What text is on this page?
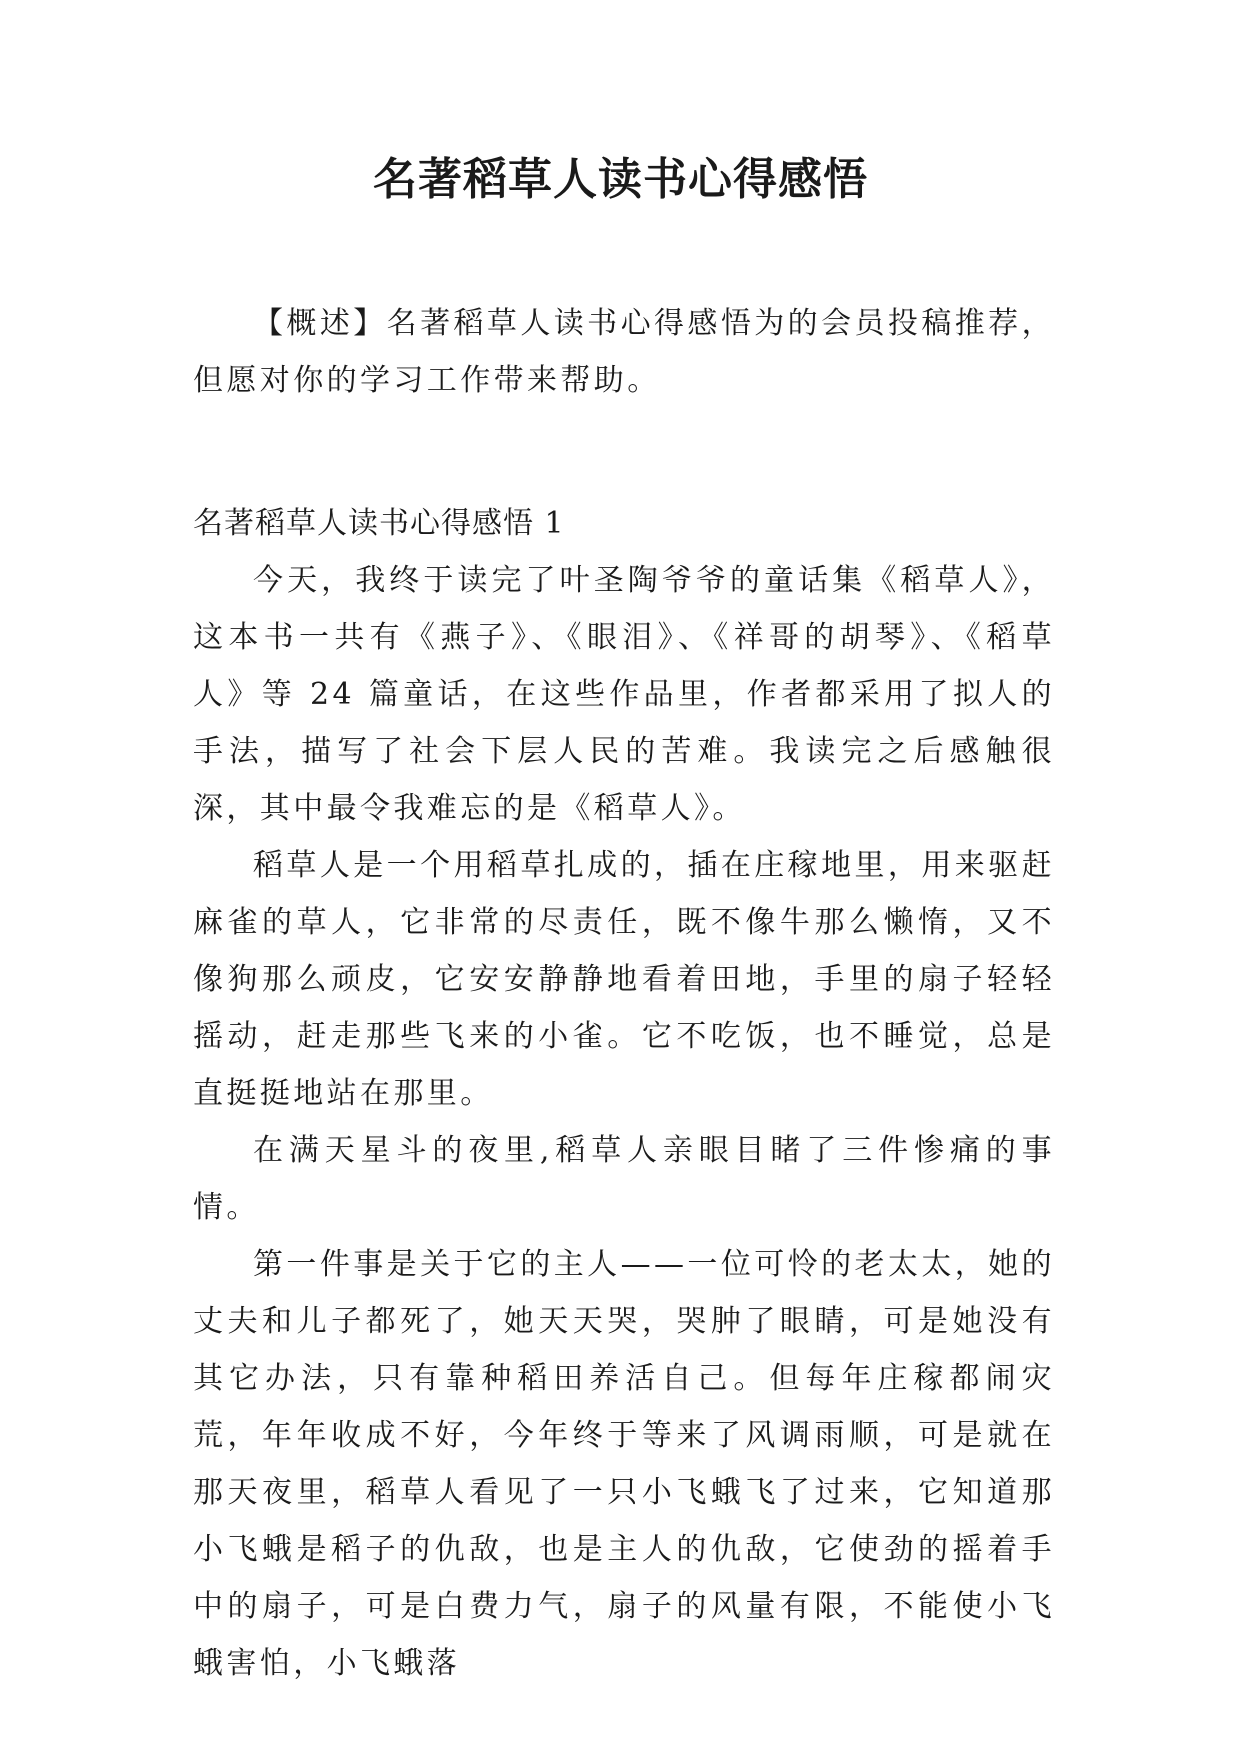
名著稻草人读书心得感悟

【概述】名著稻草人读书心得感悟为的会员投稿推荐，但愿对你的学习工作带来帮助。

名著稻草人读书心得感悟 1

今天，我终于读完了叶圣陶爷爷的童话集《稻草人》，这本书一共有《燕子》、《眼泪》、《祥哥的胡琴》、《稻草人》等 24 篇童话，在这些作品里，作者都采用了拟人的手法，描写了社会下层人民的苦难。我读完之后感触很深，其中最令我难忘的是《稻草人》。

稻草人是一个用稻草扎成的，插在庄稼地里，用来驱赶麻雀的草人，它非常的尽责任，既不像牛那么懒惰，又不像狗那么顽皮，它安安静静地看着田地，手里的扇子轻轻摇动，赶走那些飞来的小雀。它不吃饭，也不睡觉，总是直挺挺地站在那里。

在满天星斗的夜里,稻草人亲眼目睹了三件惨痛的事情。

第一件事是关于它的主人——一位可怜的老太太，她的丈夫和儿子都死了，她天天哭，哭肿了眼睛，可是她没有其它办法，只有靠种稻田养活自己。但每年庄稼都闹灾荒，年年收成不好，今年终于等来了风调雨顺，可是就在那天夜里，稻草人看见了一只小飞蛾飞了过来，它知道那小飞蛾是稻子的仇敌，也是主人的仇敌，它使劲的摇着手中的扇子，可是白费力气，扇子的风量有限，不能使小飞蛾害怕，小飞蛾落
